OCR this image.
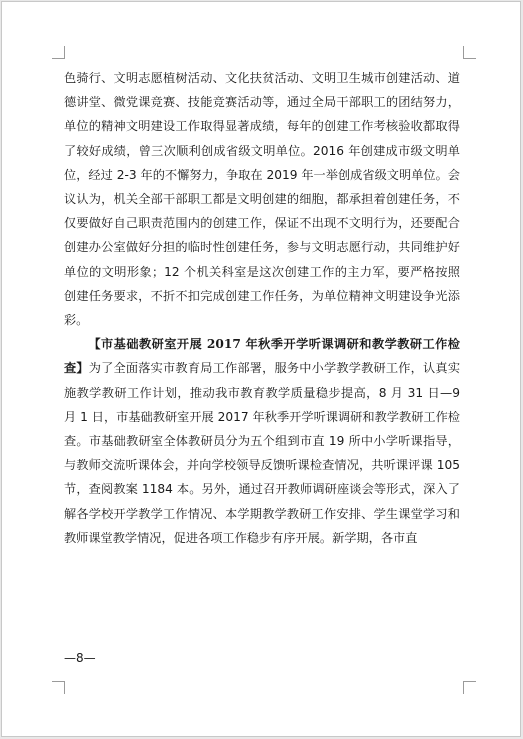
色骑行、文明志愿植树活动、文化扶贫活动、文明卫生城市创建活动、道德讲堂、微党课竞赛、技能竞赛活动等，通过全局干部职工的团结努力，单位的精神文明建设工作取得显著成绩，每年的创建工作考核验收都取得了较好成绩，曾三次顺利创成省级文明单位。2016 年创建成市级文明单位，经过 2-3 年的不懈努力，争取在 2019 年一举创成省级文明单位。会议认为，机关全部干部职工都是文明创建的细胞，都承担着创建任务，不仅要做好自己职责范围内的创建工作，保证不出现不文明行为，还要配合创建办公室做好分担的临时性创建任务，参与文明志愿行动，共同维护好单位的文明形象；12 个机关科室是这次创建工作的主力军，要严格按照创建任务要求，不折不扣完成创建工作任务，为单位精神文明建设争光添彩。

【市基础教研室开展 2017 年秋季开学听课调研和教学教研工作检查】为了全面落实市教育局工作部署，服务中小学教学教研工作，认真实施教学教研工作计划，推动我市教育教学质量稳步提高，8 月 31 日—9 月 1 日，市基础教研室开展 2017 年秋季开学听课调研和教学教研工作检查。市基础教研室全体教研员分为五个组到市直 19 所中小学听课指导，与教师交流听课体会，并向学校领导反馈听课检查情况，共听课评课 105 节，查阅教案 1184 本。另外，通过召开教师调研座谈会等形式，深入了解各学校开学教学工作情况、本学期教学教研工作安排、学生课堂学习和教师课堂教学情况，促进各项工作稳步有序开展。新学期，各市直

—8—
